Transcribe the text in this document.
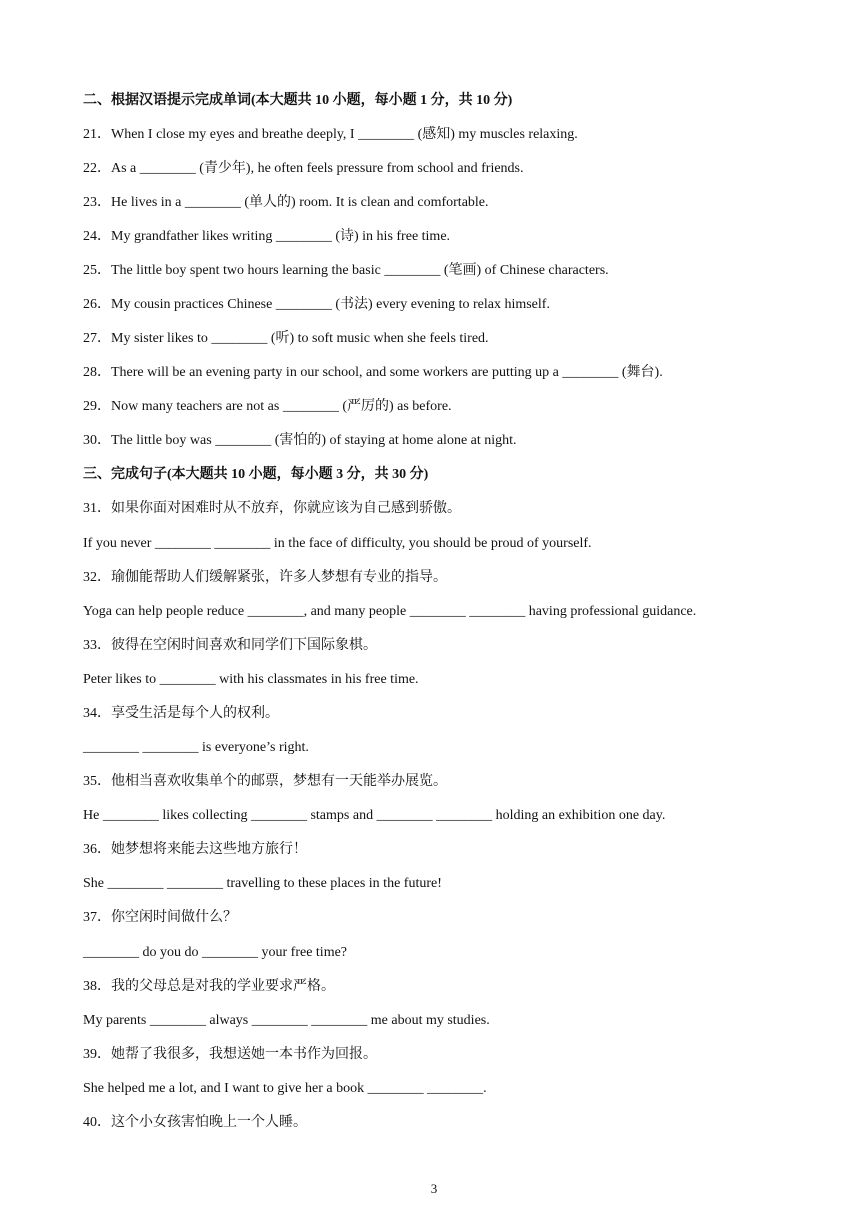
二、根据汉语提示完成单词(本大题共 10 小题，每小题 1 分，共 10 分)
21．When I close my eyes and breathe deeply, I ________ (感知) my muscles relaxing.
22．As a ________ (青少年), he often feels pressure from school and friends.
23．He lives in a ________ (单人的) room. It is clean and comfortable.
24．My grandfather likes writing ________ (诗) in his free time.
25．The little boy spent two hours learning the basic ________ (笔画) of Chinese characters.
26．My cousin practices Chinese ________ (书法) every evening to relax himself.
27．My sister likes to ________ (听) to soft music when she feels tired.
28．There will be an evening party in our school, and some workers are putting up a ________ (舞台).
29．Now many teachers are not as ________ (严厉的) as before.
30．The little boy was ________ (害怕的) of staying at home alone at night.
三、完成句子(本大题共 10 小题，每小题 3 分，共 30 分)
31．如果你面对困难时从不放弃，你就应该为自己感到骄傲。
If you never ________ ________ in the face of difficulty, you should be proud of yourself.
32．瑜伽能帮助人们缓解紧张，许多人梦想有专业的指导。
Yoga can help people reduce ________, and many people ________ ________ having professional guidance.
33．彼得在空闲时间喜欢和同学们下国际象棋。
Peter likes to ________ with his classmates in his free time.
34．享受生活是每个人的权利。
________ ________ is everyone’s right.
35．他相当喜欢收集单个的邮票，梦想有一天能举办展览。
He ________ likes collecting ________ stamps and ________ ________ holding an exhibition one day.
36．她梦想将来能去这些地方旅行！
She ________ ________ travelling to these places in the future!
37．你空闲时间做什么？
________ do you do ________ your free time?
38．我的父母总是对我的学业要求严格。
My parents ________ always ________ ________ me about my studies.
39．她帮了我很多，我想送她一本书作为回报。
She helped me a lot, and I want to give her a book ________ ________.
40．这个小女孩害怕晚上一个人睡。
3
